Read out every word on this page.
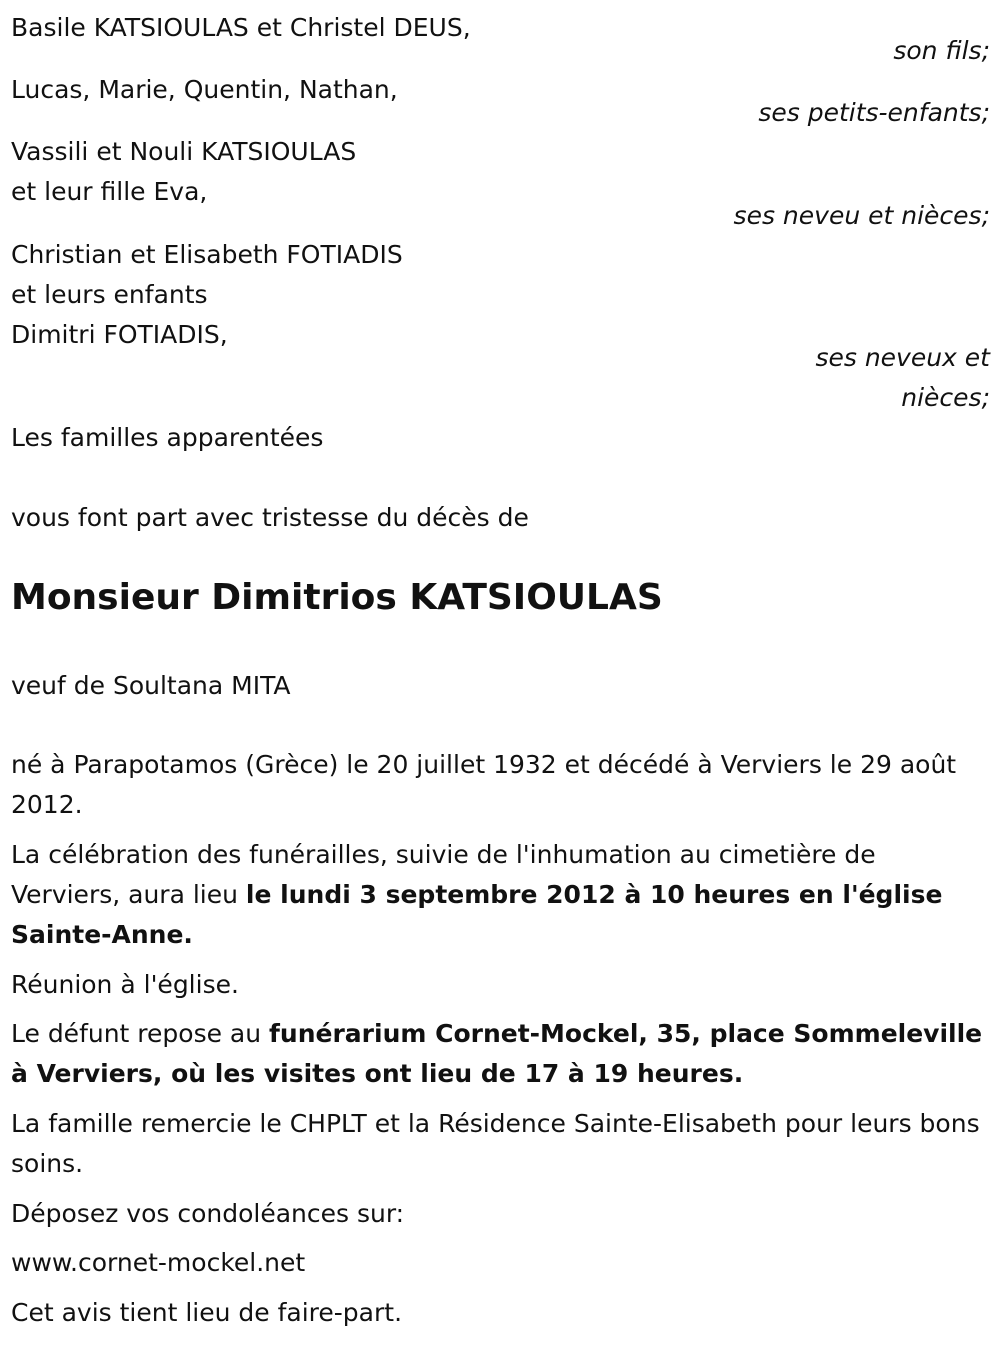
Basile KATSIOULAS et Christel DEUS,
son fils;
Lucas, Marie, Quentin, Nathan,
ses petits-enfants;
Vassili et Nouli KATSIOULAS
et leur fille Eva,
ses neveu et nièces;
Christian et Elisabeth FOTIADIS
et leurs enfants
Dimitri FOTIADIS,
ses neveux et
nièces;
Les familles apparentées
vous font part avec tristesse du décès de
Monsieur Dimitrios KATSIOULAS
veuf de Soultana MITA
né à Parapotamos (Grèce) le 20 juillet 1932 et décédé à Verviers le 29 août 2012.
La célébration des funérailles, suivie de l'inhumation au cimetière de Verviers, aura lieu le lundi 3 septembre 2012 à 10 heures en l'église Sainte-Anne.
Réunion à l'église.
Le défunt repose au funérarium Cornet-Mockel, 35, place Sommeleville à Verviers, où les visites ont lieu de 17 à 19 heures.
La famille remercie le CHPLT et la Résidence Sainte-Elisabeth pour leurs bons soins.
Déposez vos condoléances sur:
www.cornet-mockel.net
Cet avis tient lieu de faire-part.
